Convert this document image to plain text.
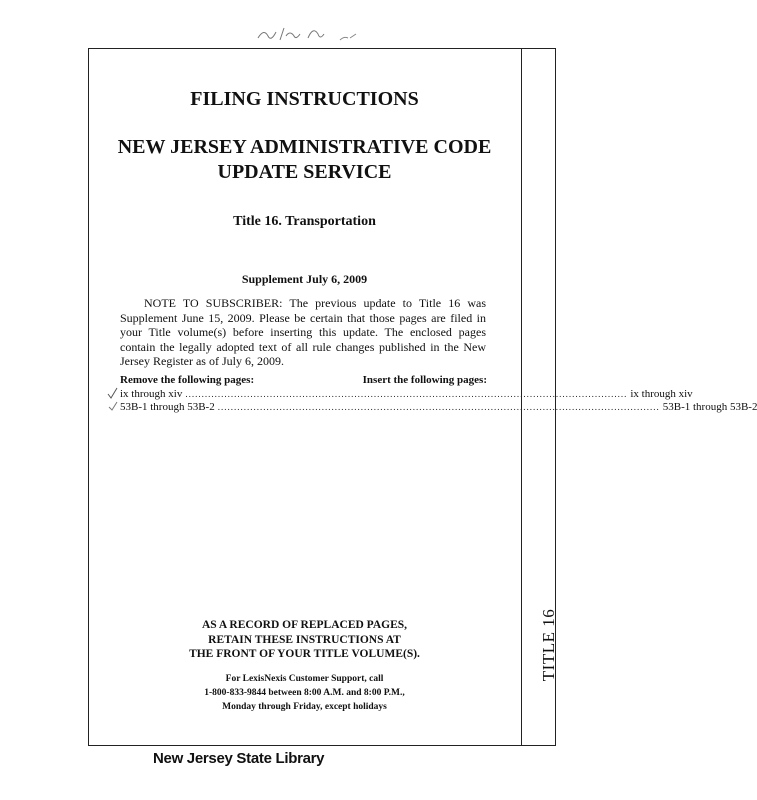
TITLE 16
FILING INSTRUCTIONS
NEW JERSEY ADMINISTRATIVE CODE
UPDATE SERVICE
Title 16. Transportation
Supplement July 6, 2009
NOTE TO SUBSCRIBER: The previous update to Title 16 was Supplement June 15, 2009. Please be certain that those pages are filed in your Title volume(s) before inserting this update. The enclosed pages contain the legally adopted text of all rule changes published in the New Jersey Register as of July 6, 2009.
Remove the following pages:	Insert the following pages:
ix through xiv ........................................................................................................................................ ix through xiv
53B-1 through 53B-2 ........................................................................................................................................ 53B-1 through 53B-2
AS A RECORD OF REPLACED PAGES,
RETAIN THESE INSTRUCTIONS AT
THE FRONT OF YOUR TITLE VOLUME(S).
For LexisNexis Customer Support, call
1-800-833-9844 between 8:00 A.M. and 8:00 P.M.,
Monday through Friday, except holidays
New Jersey State Library
